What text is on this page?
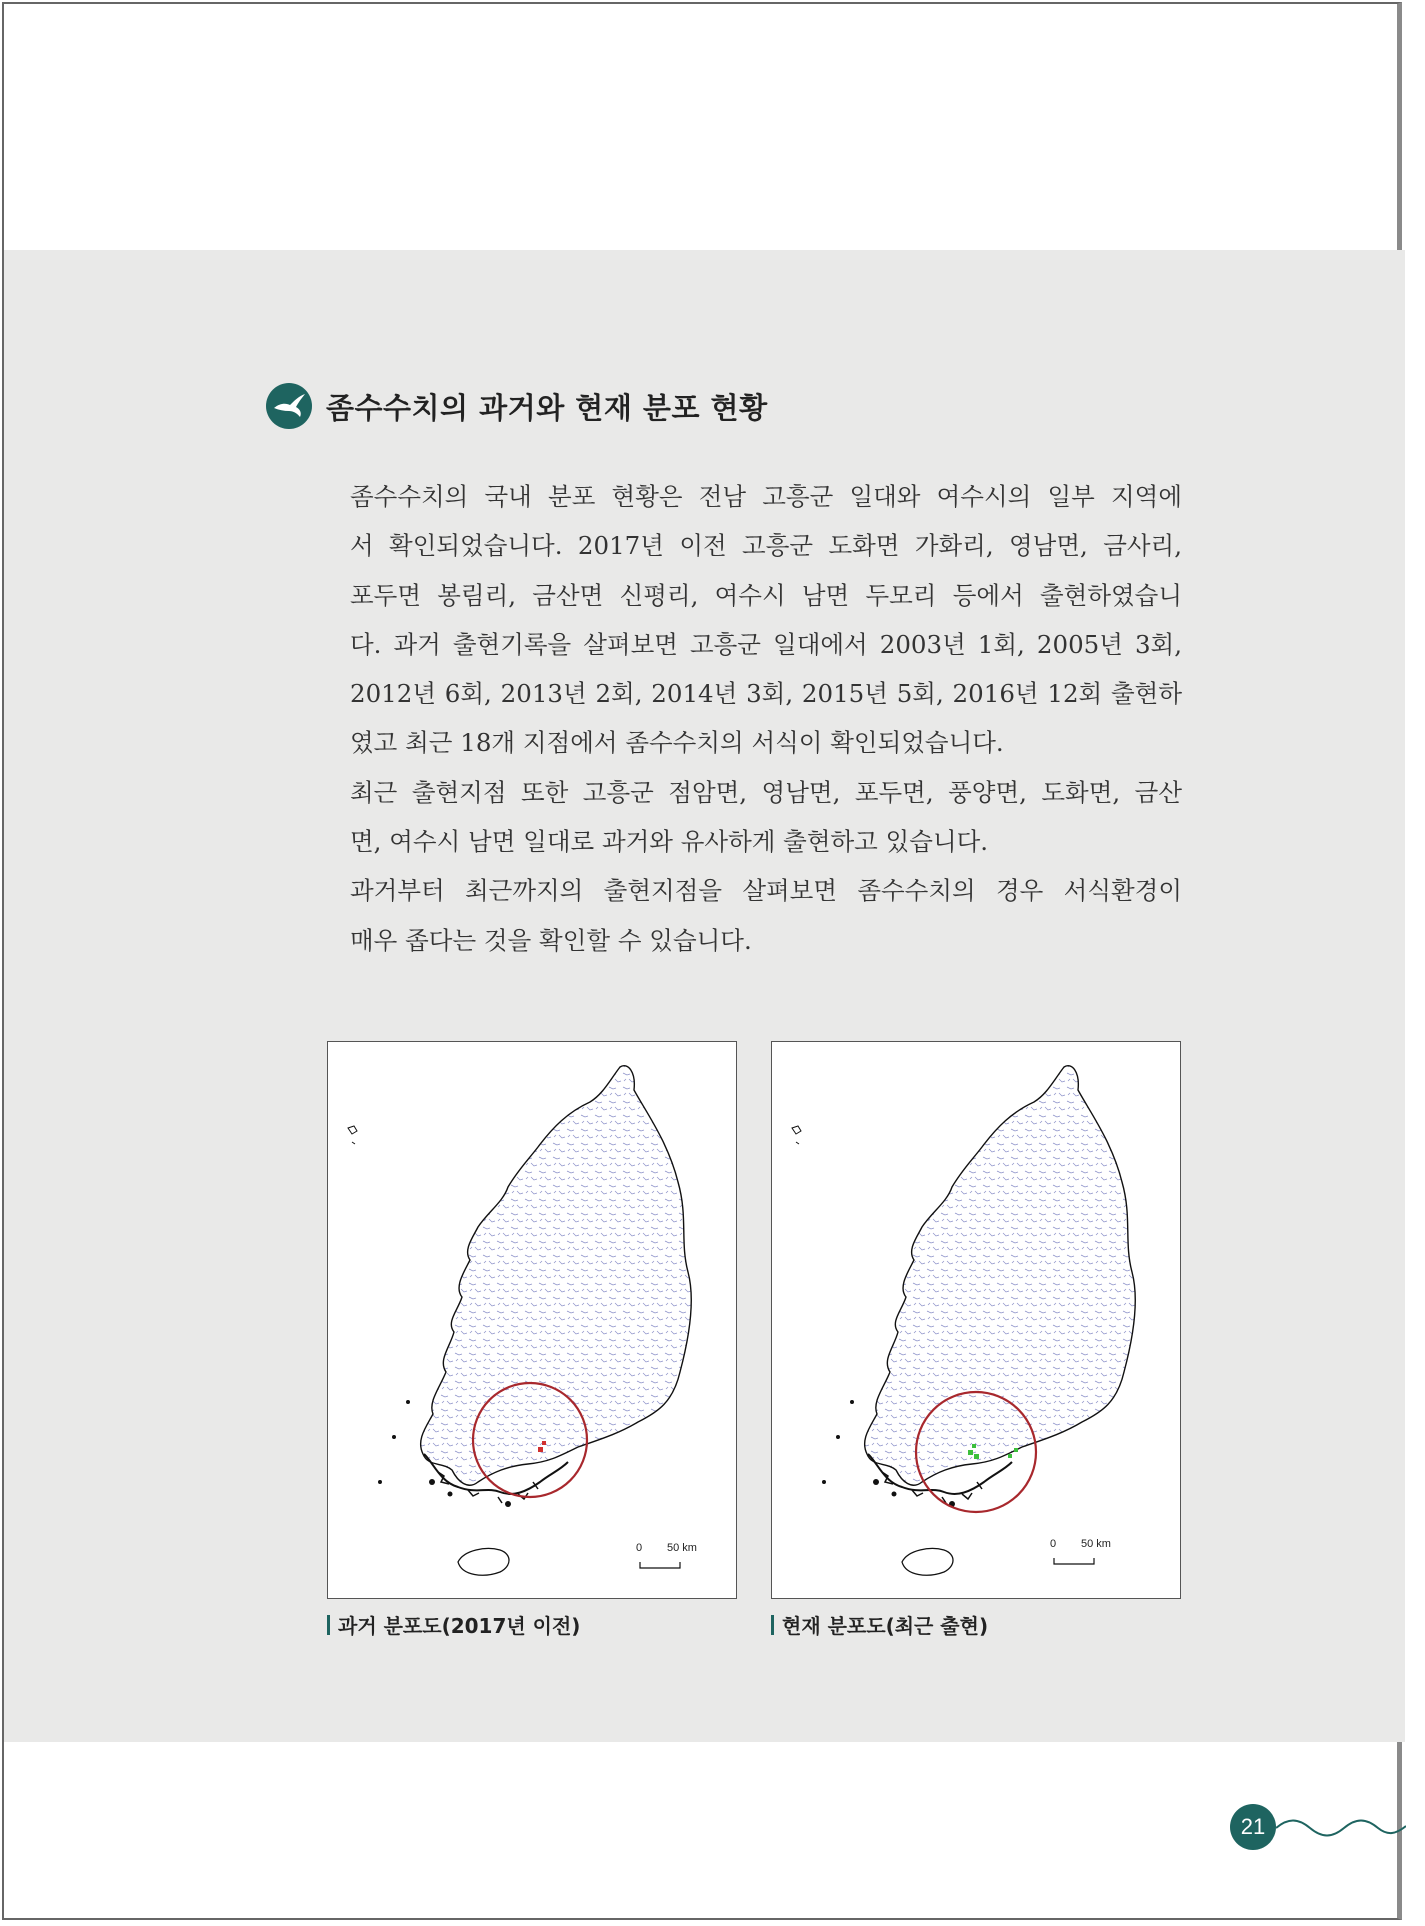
좀수수치의 과거와 현재 분포 현황

좀수수치의 국내 분포 현황은 전남 고흥군 일대와 여수시의 일부 지역에

서 확인되었습니다. 2017년 이전 고흥군 도화면 가화리, 영남면, 금사리,

포두면 봉림리, 금산면 신평리, 여수시 남면 두모리 등에서 출현하였습니

다. 과거 출현기록을 살펴보면 고흥군 일대에서 2003년 1회, 2005년 3회,

2012년 6회, 2013년 2회, 2014년 3회, 2015년 5회, 2016년 12회 출현하

였고 최근 18개 지점에서 좀수수치의 서식이 확인되었습니다.

최근 출현지점 또한 고흥군 점암면, 영남면, 포두면, 풍양면, 도화면, 금산

면, 여수시 남면 일대로 과거와 유사하게 출현하고 있습니다.

과거부터 최근까지의 출현지점을 살펴보면 좀수수치의 경우 서식환경이

매우 좁다는 것을 확인할 수 있습니다.

0 50 km
과거 분포도(2017년 이전)
0 50 km
현재 분포도(최근 출현)
21
